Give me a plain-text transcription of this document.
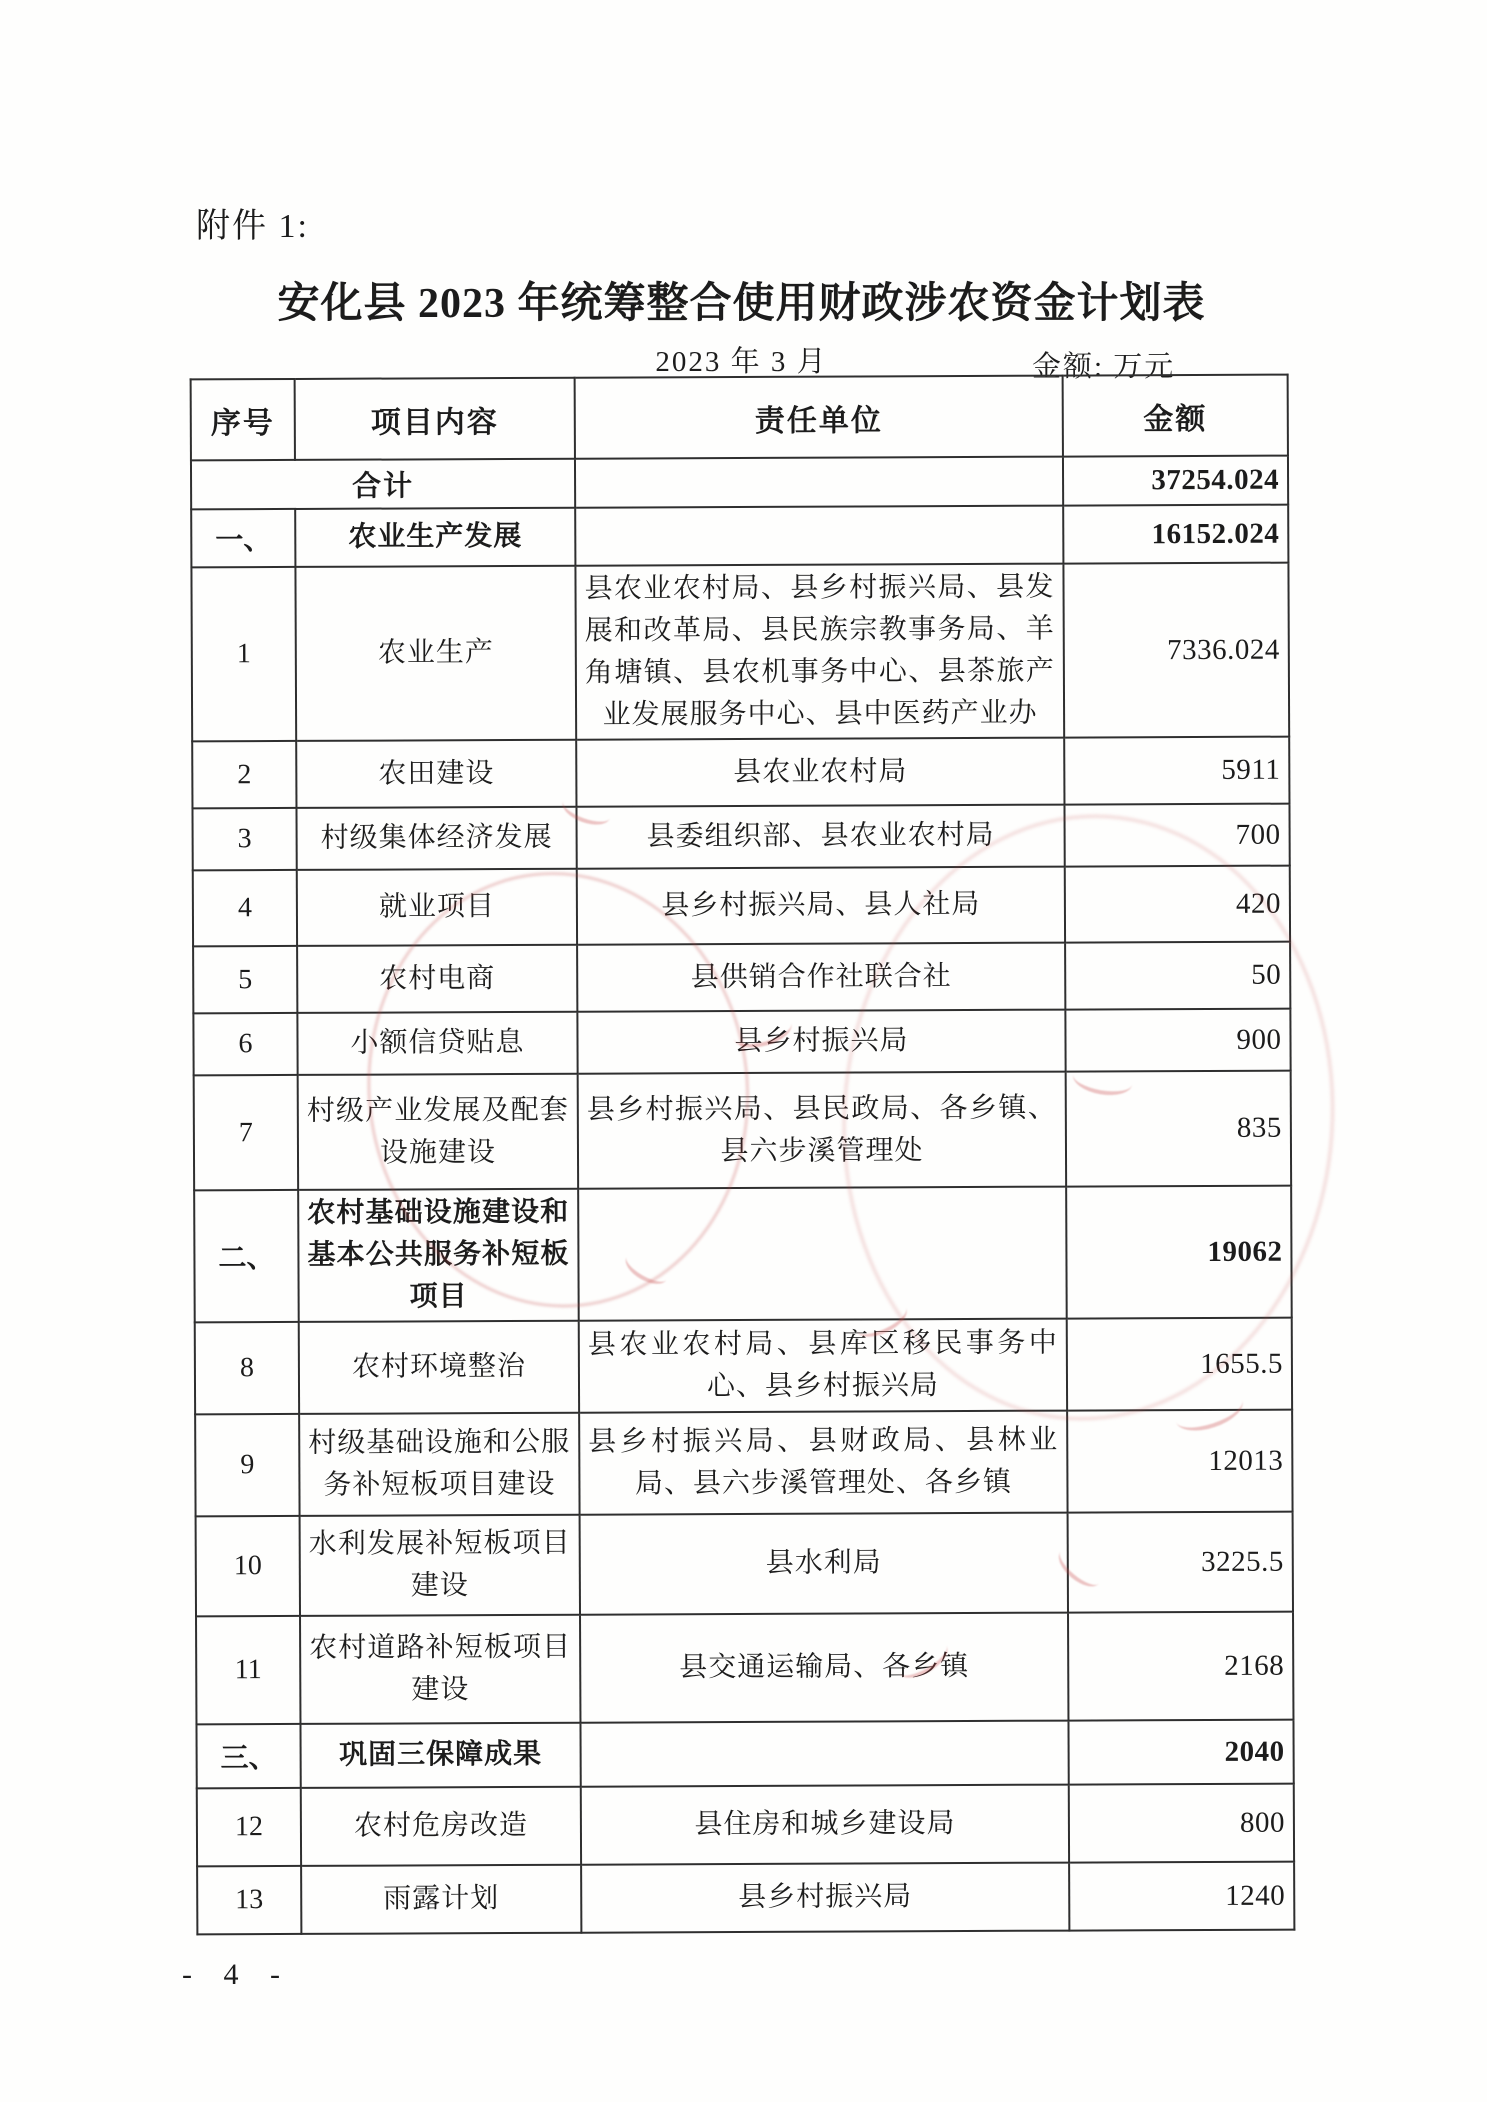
附件 1:
安化县 2023 年统筹整合使用财政涉农资金计划表
2023 年 3 月	金额: 万元
序号	项目内容	责任单位	金额
合计			37254.024
一、	农业生产发展		16152.024
1	农业生产	县农业农村局、县乡村振兴局、县发展和改革局、县民族宗教事务局、羊角塘镇、县农机事务中心、县茶旅产业发展服务中心、县中医药产业办	7336.024
2	农田建设	县农业农村局	5911
3	村级集体经济发展	县委组织部、县农业农村局	700
4	就业项目	县乡村振兴局、县人社局	420
5	农村电商	县供销合作社联合社	50
6	小额信贷贴息	县乡村振兴局	900
7	村级产业发展及配套设施建设	县乡村振兴局、县民政局、各乡镇、县六步溪管理处	835
二、	农村基础设施建设和基本公共服务补短板项目		19062
8	农村环境整治	县农业农村局、县库区移民事务中心、县乡村振兴局	1655.5
9	村级基础设施和公服务补短板项目建设	县乡村振兴局、县财政局、县林业局、县六步溪管理处、各乡镇	12013
10	水利发展补短板项目建设	县水利局	3225.5
11	农村道路补短板项目建设	县交通运输局、各乡镇	2168
三、	巩固三保障成果		2040
12	农村危房改造	县住房和城乡建设局	800
13	雨露计划	县乡村振兴局	1240
- 4 -
